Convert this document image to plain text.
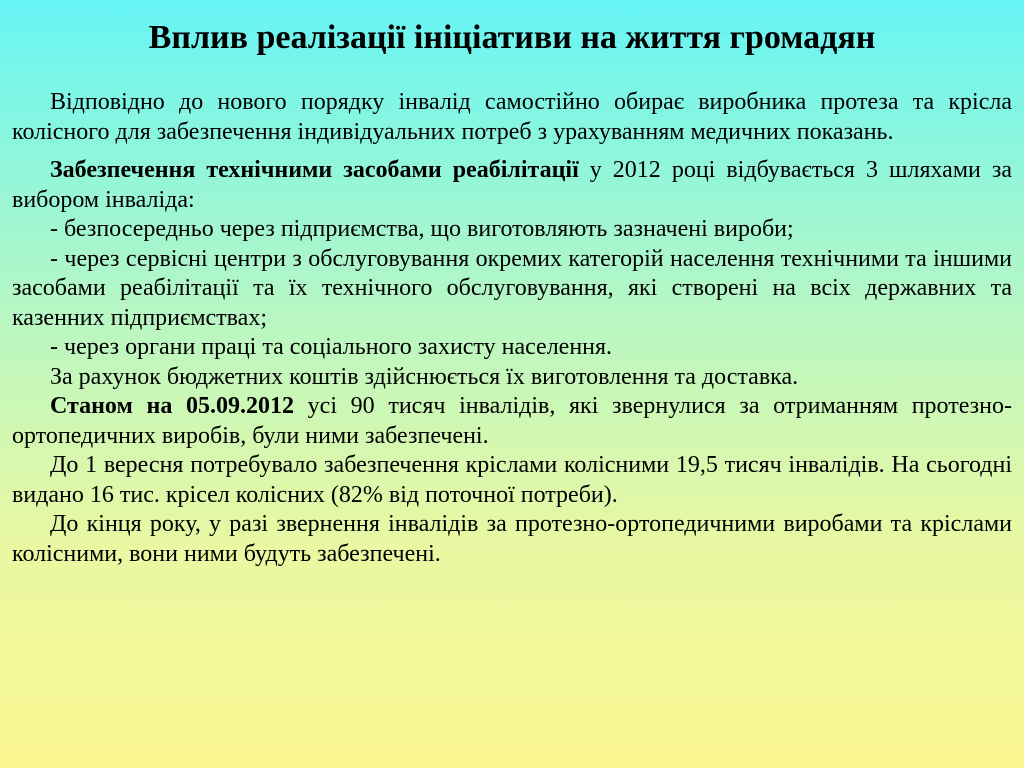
Вплив реалізації ініціативи на життя громадян

Відповідно до нового порядку інвалід самостійно обирає виробника протеза та крісла колісного для забезпечення індивідуальних потреб з урахуванням медичних показань.

Забезпечення технічними засобами реабілітації у 2012 році відбувається 3 шляхами за вибором інваліда:

- безпосередньо через підприємства, що виготовляють зазначені вироби;

- через сервісні центри з обслуговування окремих категорій населення технічними та іншими засобами реабілітації та їх технічного обслуговування, які створені на всіх державних та казенних підприємствах;

- через органи праці та соціального захисту населення.

За рахунок бюджетних коштів здійснюється їх виготовлення та доставка.

Станом на 05.09.2012 усі 90 тисяч інвалідів, які звернулися за отриманням протезно-ортопедичних виробів, були ними забезпечені.

До 1 вересня потребувало забезпечення кріслами колісними 19,5 тисяч інвалідів. На сьогодні видано 16 тис. крісел колісних (82% від поточної потреби).

До кінця року, у разі звернення інвалідів за протезно-ортопедичними виробами та кріслами колісними, вони ними будуть забезпечені.
